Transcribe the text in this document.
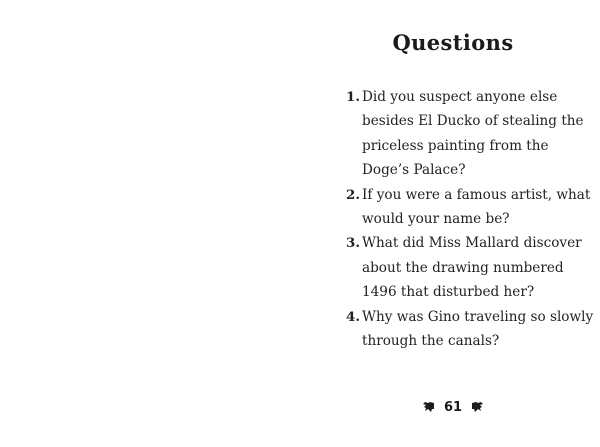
Questions
1. Did you suspect anyone else besides El Ducko of stealing the priceless painting from the Doge’s Palace?
2. If you were a famous artist, what would your name be?
3. What did Miss Mallard discover about the drawing numbered 1496 that disturbed her?
4. Why was Gino traveling so slowly through the canals?
61
